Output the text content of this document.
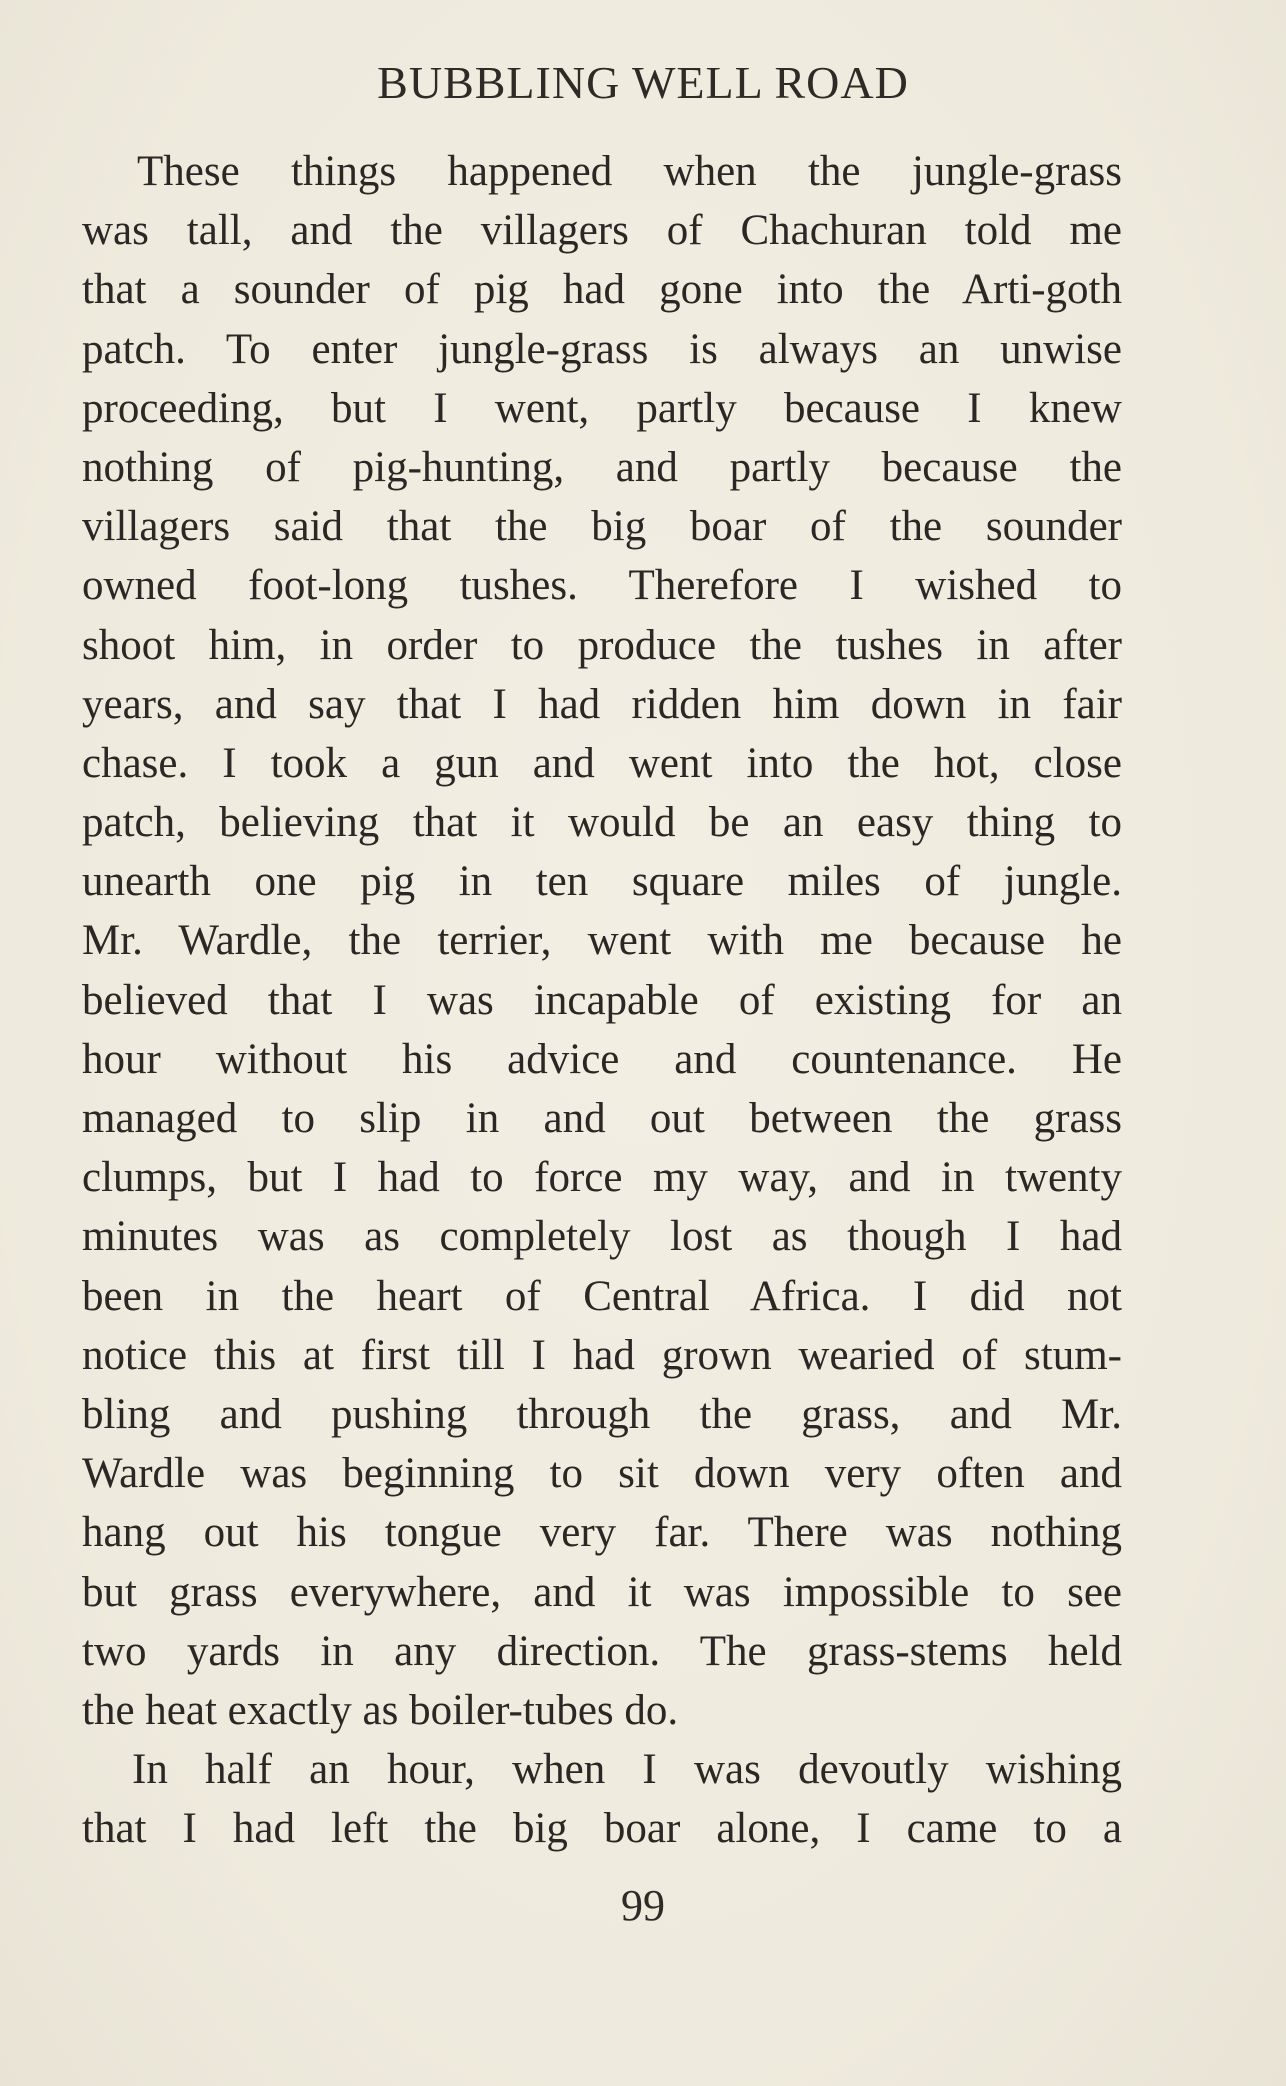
BUBBLING WELL ROAD
These things happened when the jungle-grass
was tall, and the villagers of Chachuran told me
that a sounder of pig had gone into the Arti-goth
patch. To enter jungle-grass is always an unwise
proceeding, but I went, partly because I knew
nothing of pig-hunting, and partly because the
villagers said that the big boar of the sounder
owned foot-long tushes. Therefore I wished to
shoot him, in order to produce the tushes in after
years, and say that I had ridden him down in fair
chase. I took a gun and went into the hot, close
patch, believing that it would be an easy thing to
unearth one pig in ten square miles of jungle.
Mr. Wardle, the terrier, went with me because he
believed that I was incapable of existing for an
hour without his advice and countenance. He
managed to slip in and out between the grass
clumps, but I had to force my way, and in twenty
minutes was as completely lost as though I had
been in the heart of Central Africa. I did not
notice this at first till I had grown wearied of stum-
bling and pushing through the grass, and Mr.
Wardle was beginning to sit down very often and
hang out his tongue very far. There was nothing
but grass everywhere, and it was impossible to see
two yards in any direction. The grass-stems held
the heat exactly as boiler-tubes do.
In half an hour, when I was devoutly wishing
that I had left the big boar alone, I came to a
99
